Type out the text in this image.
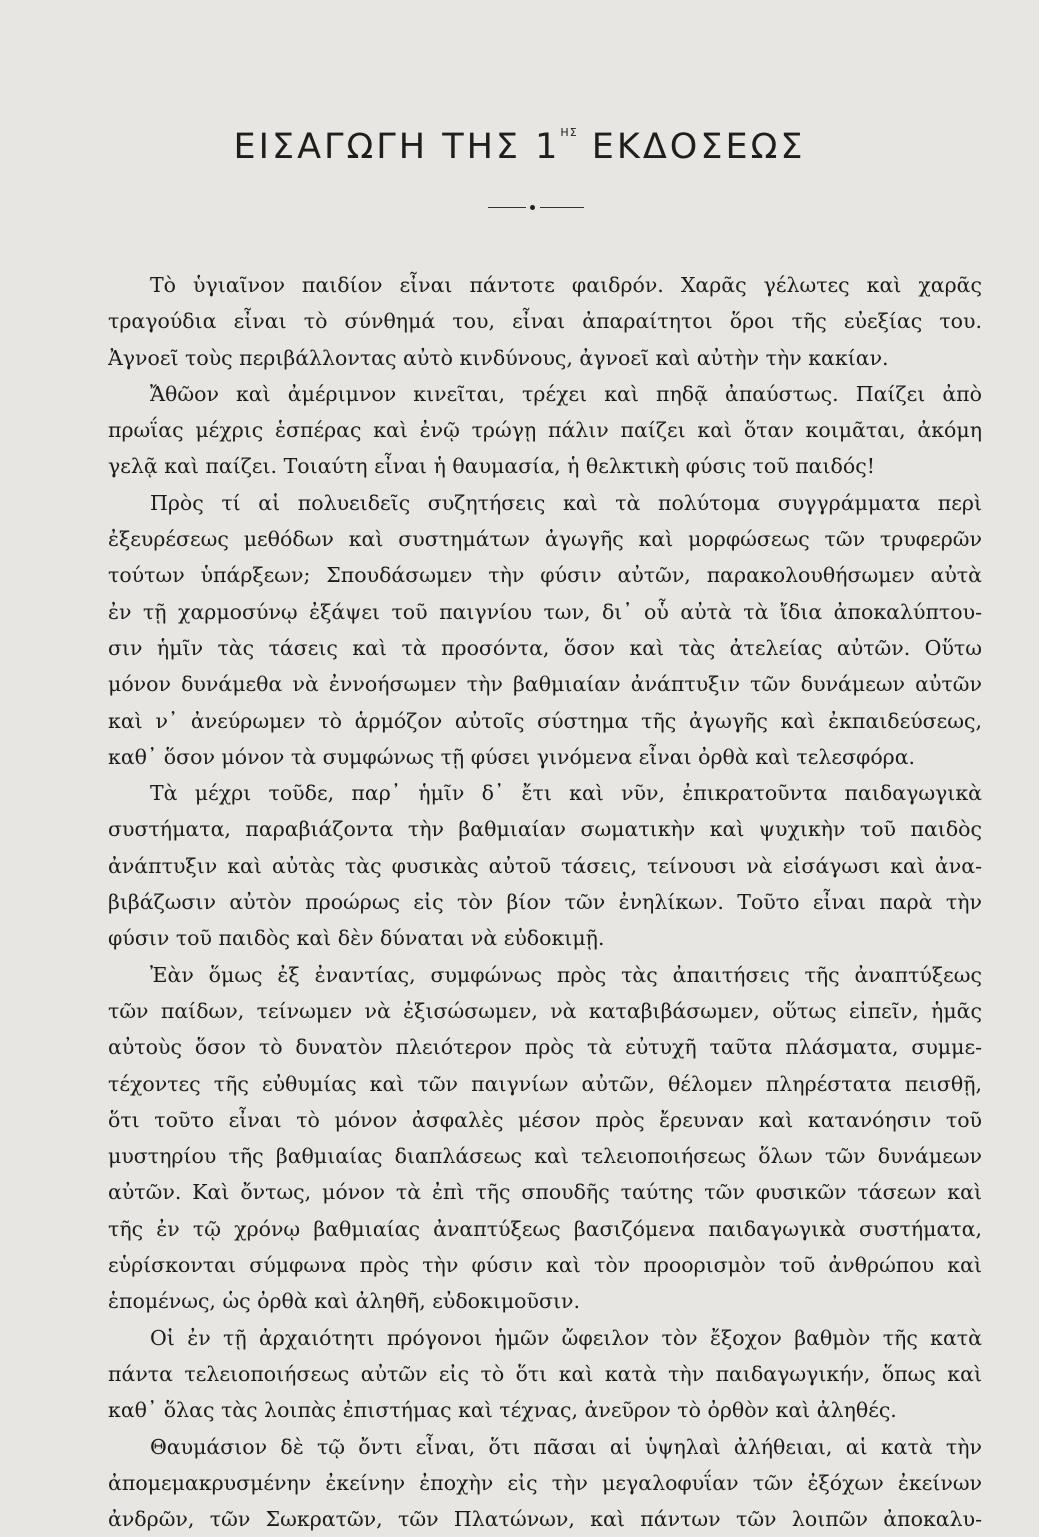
ΕΙΣΑΓΩΓΗ ΤΗΣ $1^{H\Sigma}$ ΕΚΔΟΣΕΩΣ
Τὸ ὑγιαῖνον παιδίον εἶναι πάντοτε φαιδρόν. Χαρᾶς γέλωτες καὶ χαρᾶς
τραγούδια εἶναι τὸ σύνθημά του, εἶναι ἀπαραίτητοι ὅροι τῆς εὐεξίας του.
Ἀγνοεῖ τοὺς περιβάλλοντας αὐτὸ κινδύνους, ἀγνοεῖ καὶ αὐτὴν τὴν κακίαν.
Ἄθῶον καὶ ἀμέριμνον κινεῖται, τρέχει καὶ πηδᾷ ἀπαύστως. Παίζει ἀπὸ
πρωΐας μέχρις ἑσπέρας καὶ ἐνῷ τρώγῃ πάλιν παίζει καὶ ὅταν κοιμᾶται, ἀκόμη
γελᾷ καὶ παίζει. Τοιαύτη εἶναι ἡ θαυμασία, ἡ θελκτικὴ φύσις τοῦ παιδός!
Πρὸς τί αἱ πολυειδεῖς συζητήσεις καὶ τὰ πολύτομα συγγράμματα περὶ
ἐξευρέσεως μεθόδων καὶ συστημάτων ἀγωγῆς καὶ μορφώσεως τῶν τρυφερῶν
τούτων ὑπάρξεων; Σπουδάσωμεν τὴν φύσιν αὐτῶν, παρακολουθήσωμεν αὐτὰ
ἐν τῇ χαρμοσύνῳ ἐξάψει τοῦ παιγνίου των, δι᾽ οὗ αὐτὰ τὰ ἴδια ἀποκαλύπτου-
σιν ἡμῖν τὰς τάσεις καὶ τὰ προσόντα, ὅσον καὶ τὰς ἀτελείας αὐτῶν. Οὕτω
μόνον δυνάμεθα νὰ ἐννοήσωμεν τὴν βαθμιαίαν ἀνάπτυξιν τῶν δυνάμεων αὐτῶν
καὶ ν᾽ ἀνεύρωμεν τὸ ἁρμόζον αὐτοῖς σύστημα τῆς ἀγωγῆς καὶ ἐκπαιδεύσεως,
καθ᾽ ὅσον μόνον τὰ συμφώνως τῇ φύσει γινόμενα εἶναι ὀρθὰ καὶ τελεσφόρα.
Τὰ μέχρι τοῦδε, παρ᾽ ἡμῖν δ᾽ ἔτι καὶ νῦν, ἐπικρατοῦντα παιδαγωγικὰ
συστήματα, παραβιάζοντα τὴν βαθμιαίαν σωματικὴν καὶ ψυχικὴν τοῦ παιδὸς
ἀνάπτυξιν καὶ αὐτὰς τὰς φυσικὰς αὐτοῦ τάσεις, τείνουσι νὰ εἰσάγωσι καὶ ἀνα-
βιβάζωσιν αὐτὸν προώρως εἰς τὸν βίον τῶν ἐνηλίκων. Τοῦτο εἶναι παρὰ τὴν
φύσιν τοῦ παιδὸς καὶ δὲν δύναται νὰ εὐδοκιμῇ.
Ἐὰν ὅμως ἐξ ἐναντίας, συμφώνως πρὸς τὰς ἀπαιτήσεις τῆς ἀναπτύξεως
τῶν παίδων, τείνωμεν νὰ ἐξισώσωμεν, νὰ καταβιβάσωμεν, οὕτως εἰπεῖν, ἡμᾶς
αὐτοὺς ὅσον τὸ δυνατὸν πλειότερον πρὸς τὰ εὐτυχῆ ταῦτα πλάσματα, συμμε-
τέχοντες τῆς εὐθυμίας καὶ τῶν παιγνίων αὐτῶν, θέλομεν πληρέστατα πεισθῇ,
ὅτι τοῦτο εἶναι τὸ μόνον ἀσφαλὲς μέσον πρὸς ἔρευναν καὶ κατανόησιν τοῦ
μυστηρίου τῆς βαθμιαίας διαπλάσεως καὶ τελειοποιήσεως ὅλων τῶν δυνάμεων
αὐτῶν. Καὶ ὄντως, μόνον τὰ ἐπὶ τῆς σπουδῆς ταύτης τῶν φυσικῶν τάσεων καὶ
τῆς ἐν τῷ χρόνῳ βαθμιαίας ἀναπτύξεως βασιζόμενα παιδαγωγικὰ συστήματα,
εὑρίσκονται σύμφωνα πρὸς τὴν φύσιν καὶ τὸν προορισμὸν τοῦ ἀνθρώπου καὶ
ἑπομένως, ὡς ὀρθὰ καὶ ἀληθῆ, εὐδοκιμοῦσιν.
Οἱ ἐν τῇ ἀρχαιότητι πρόγονοι ἡμῶν ὤφειλον τὸν ἔξοχον βαθμὸν τῆς κατὰ
πάντα τελειοποιήσεως αὐτῶν εἰς τὸ ὅτι καὶ κατὰ τὴν παιδαγωγικήν, ὅπως καὶ
καθ᾽ ὅλας τὰς λοιπὰς ἐπιστήμας καὶ τέχνας, ἀνεῦρον τὸ ὀρθὸν καὶ ἀληθές.
Θαυμάσιον δὲ τῷ ὄντι εἶναι, ὅτι πᾶσαι αἱ ὑψηλαὶ ἀλήθειαι, αἱ κατὰ τὴν
ἀπομεμακρυσμένην ἐκείνην ἐποχὴν εἰς τὴν μεγαλοφυΐαν τῶν ἐξόχων ἐκείνων
ἀνδρῶν, τῶν Σωκρατῶν, τῶν Πλατώνων, καὶ πάντων τῶν λοιπῶν ἀποκαλυ-
